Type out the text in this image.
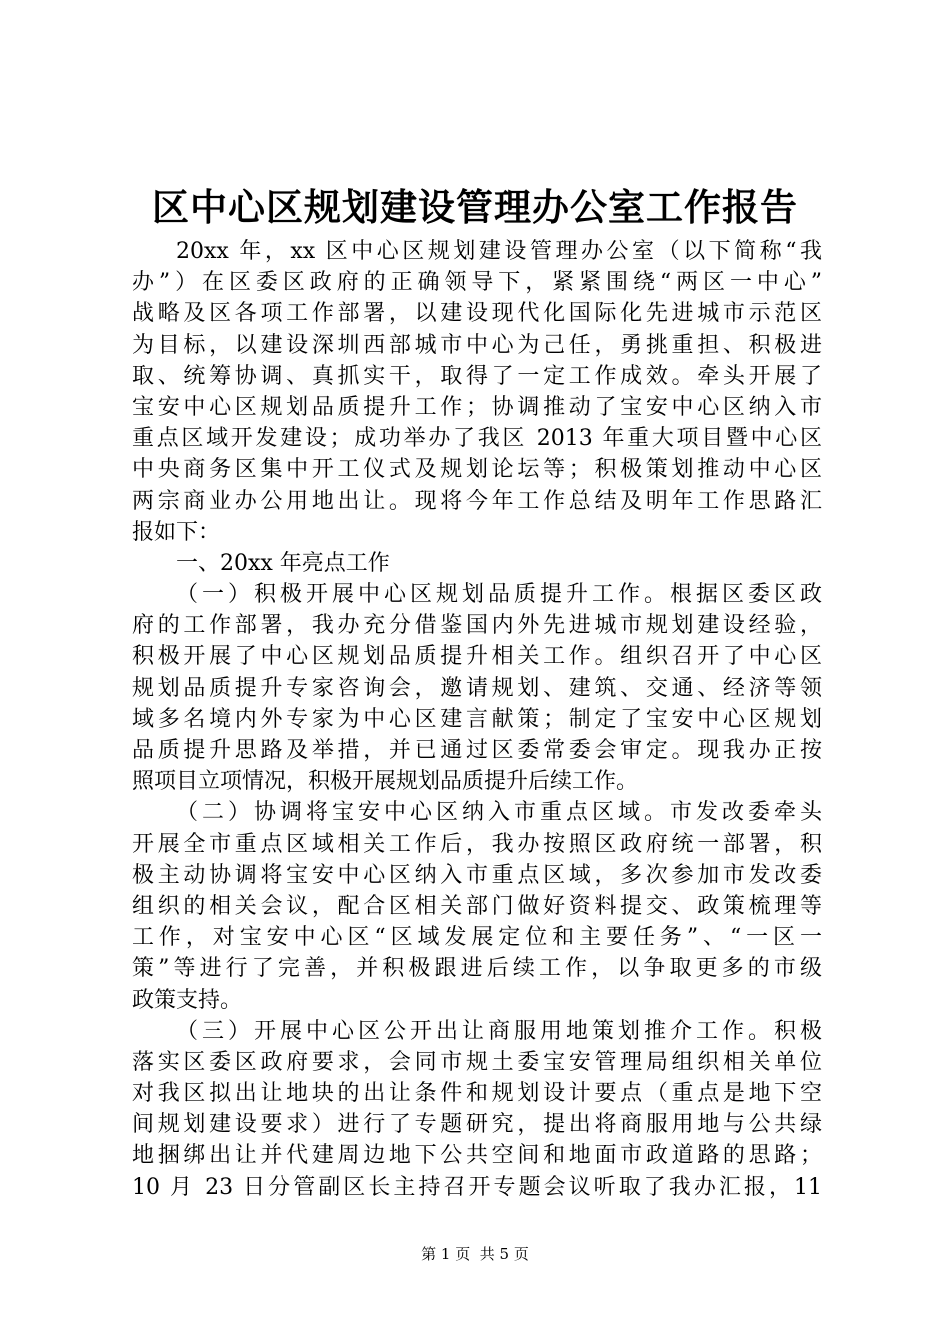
区中心区规划建设管理办公室工作报告
20xx 年，xx 区中心区规划建设管理办公室（以下简称“我
办”）在区委区政府的正确领导下，紧紧围绕“两区一中心”
战略及区各项工作部署，以建设现代化国际化先进城市示范区
为目标，以建设深圳西部城市中心为己任，勇挑重担、积极进
取、统筹协调、真抓实干，取得了一定工作成效。牵头开展了
宝安中心区规划品质提升工作；协调推动了宝安中心区纳入市
重点区域开发建设；成功举办了我区 2013 年重大项目暨中心区
中央商务区集中开工仪式及规划论坛等；积极策划推动中心区
两宗商业办公用地出让。现将今年工作总结及明年工作思路汇
报如下：
一、20xx 年亮点工作
（一）积极开展中心区规划品质提升工作。根据区委区政
府的工作部署，我办充分借鉴国内外先进城市规划建设经验，
积极开展了中心区规划品质提升相关工作。组织召开了中心区
规划品质提升专家咨询会，邀请规划、建筑、交通、经济等领
域多名境内外专家为中心区建言献策；制定了宝安中心区规划
品质提升思路及举措，并已通过区委常委会审定。现我办正按
照项目立项情况，积极开展规划品质提升后续工作。
（二）协调将宝安中心区纳入市重点区域。市发改委牵头
开展全市重点区域相关工作后，我办按照区政府统一部署，积
极主动协调将宝安中心区纳入市重点区域，多次参加市发改委
组织的相关会议，配合区相关部门做好资料提交、政策梳理等
工作，对宝安中心区“区域发展定位和主要任务”、“一区一
策”等进行了完善，并积极跟进后续工作，以争取更多的市级
政策支持。
（三）开展中心区公开出让商服用地策划推介工作。积极
落实区委区政府要求，会同市规土委宝安管理局组织相关单位
对我区拟出让地块的出让条件和规划设计要点（重点是地下空
间规划建设要求）进行了专题研究，提出将商服用地与公共绿
地捆绑出让并代建周边地下公共空间和地面市政道路的思路；
10 月 23 日分管副区长主持召开专题会议听取了我办汇报，11
第 1 页  共 5 页
